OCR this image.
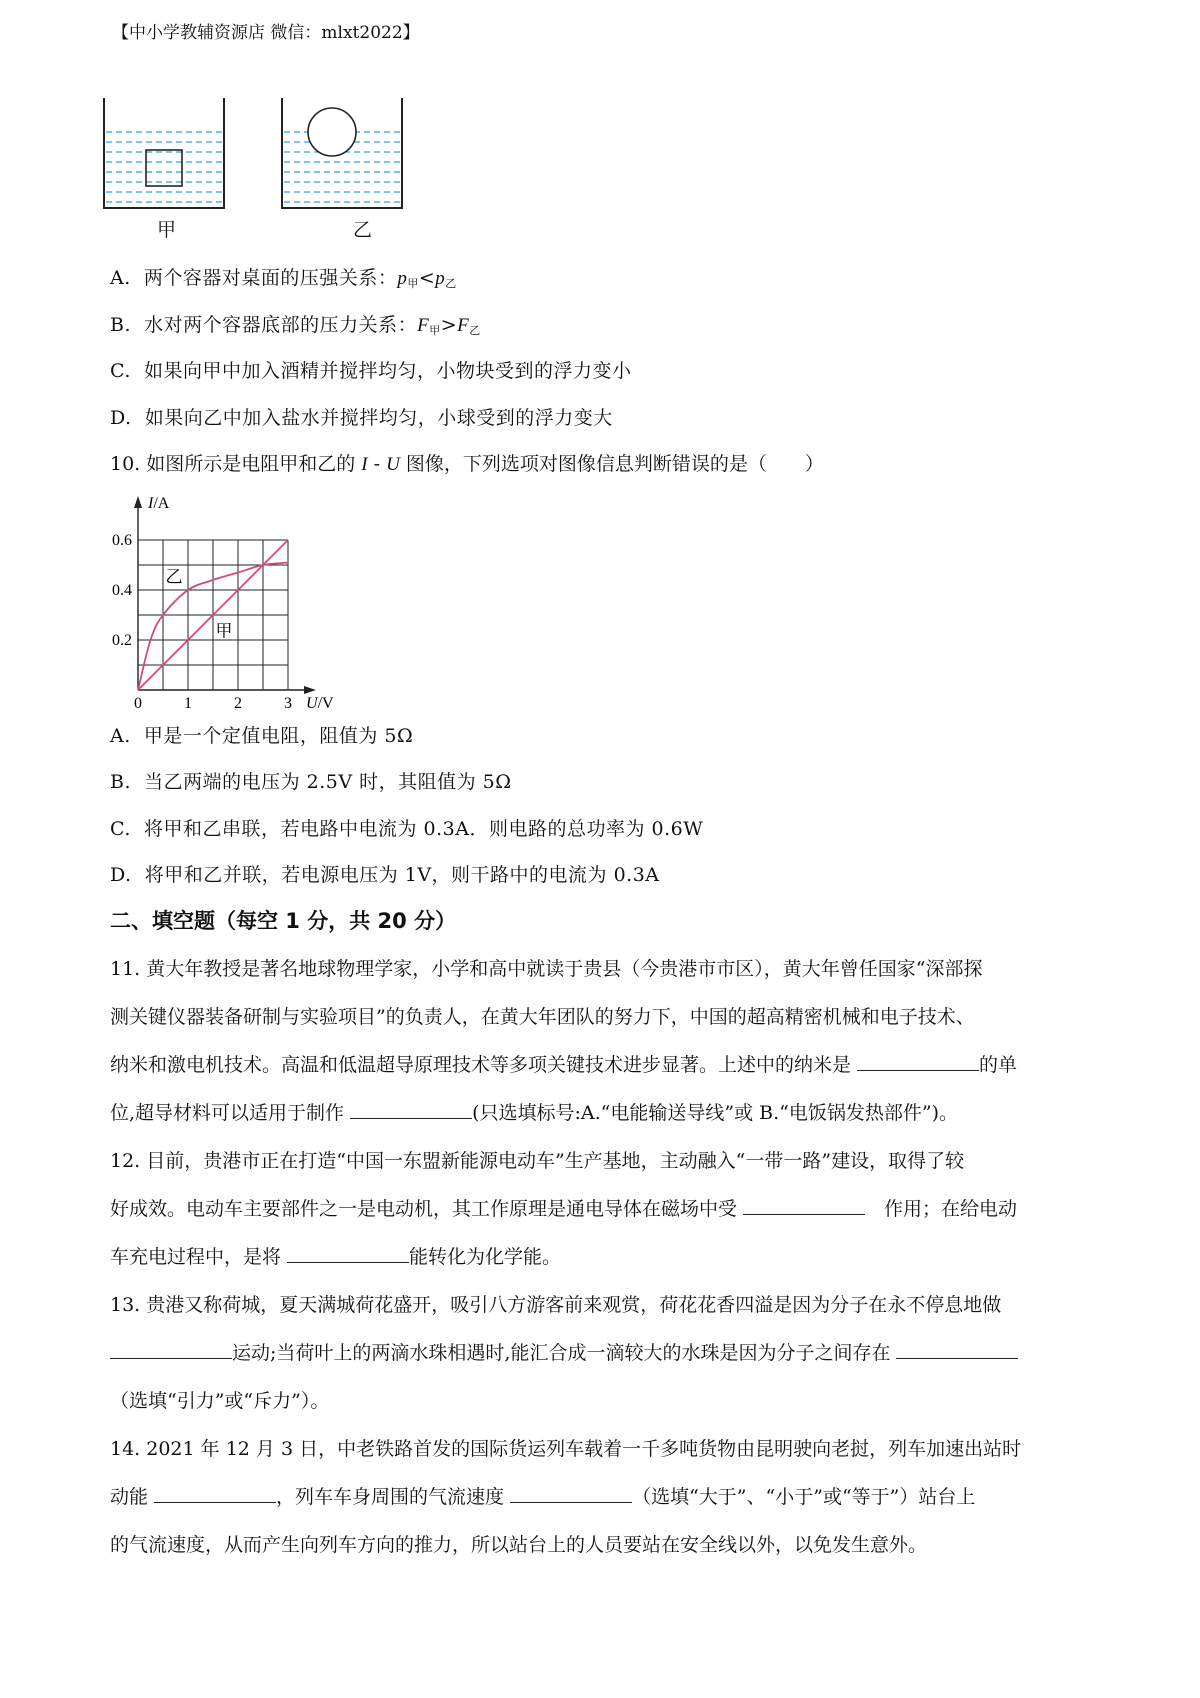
【中小学教辅资源店 微信：mlxt2022】
甲	乙
A. 两个容器对桌面的压强关系：$p_甲<p_乙$
B. 水对两个容器底部的压力关系：$F_甲>F_乙$
C. 如果向甲中加入酒精并搅拌均匀，小物块受到的浮力变小
D. 如果向乙中加入盐水并搅拌均匀，小球受到的浮力变大
10. 如图所示是电阻甲和乙的 I - U 图像，下列选项对图像信息判断错误的是（　　）
甲
乙
0	1	2	3
0.2
0.4
0.6
I/A
U/V
A. 甲是一个定值电阻，阻值为 5Ω
B. 当乙两端的电压为 2.5V 时，其阻值为 5Ω
C. 将甲和乙串联，若电路中电流为 0.3A．则电路的总功率为 0.6W
D. 将甲和乙并联，若电源电压为 1V，则干路中的电流为 0.3A
二、填空题（每空 1 分，共 20 分）
11. 黄大年教授是著名地球物理学家，小学和高中就读于贵县（今贵港市市区），黄大年曾任国家“深部探
测关键仪器装备研制与实验项目”的负责人，在黄大年团队的努力下，中国的超高精密机械和电子技术、
纳米和激电机技术。高温和低温超导原理技术等多项关键技术进步显著。上述中的纳米是	的单
位,超导材料可以适用于制作	(只选填标号:A.“电能输送导线”或 B.“电饭锅发热部件”)。
12. 目前，贵港市正在打造“中国一东盟新能源电动车”生产基地，主动融入“一带一路”建设，取得了较
好成效。电动车主要部件之一是电动机，其工作原理是通电导体在磁场中受	　作用；在给电动
车充电过程中，是将	能转化为化学能。
13. 贵港又称荷城，夏天满城荷花盛开，吸引八方游客前来观赏，荷花花香四溢是因为分子在永不停息地做
运动;当荷叶上的两滴水珠相遇时,能汇合成一滴较大的水珠是因为分子之间存在
（选填“引力”或“斥力”）。
14. 2021 年 12 月 3 日，中老铁路首发的国际货运列车载着一千多吨货物由昆明驶向老挝，列车加速出站时
动能	，列车车身周围的气流速度	（选填“大于”、“小于”或“等于”）站台上
的气流速度，从而产生向列车方向的推力，所以站台上的人员要站在安全线以外，以免发生意外。
